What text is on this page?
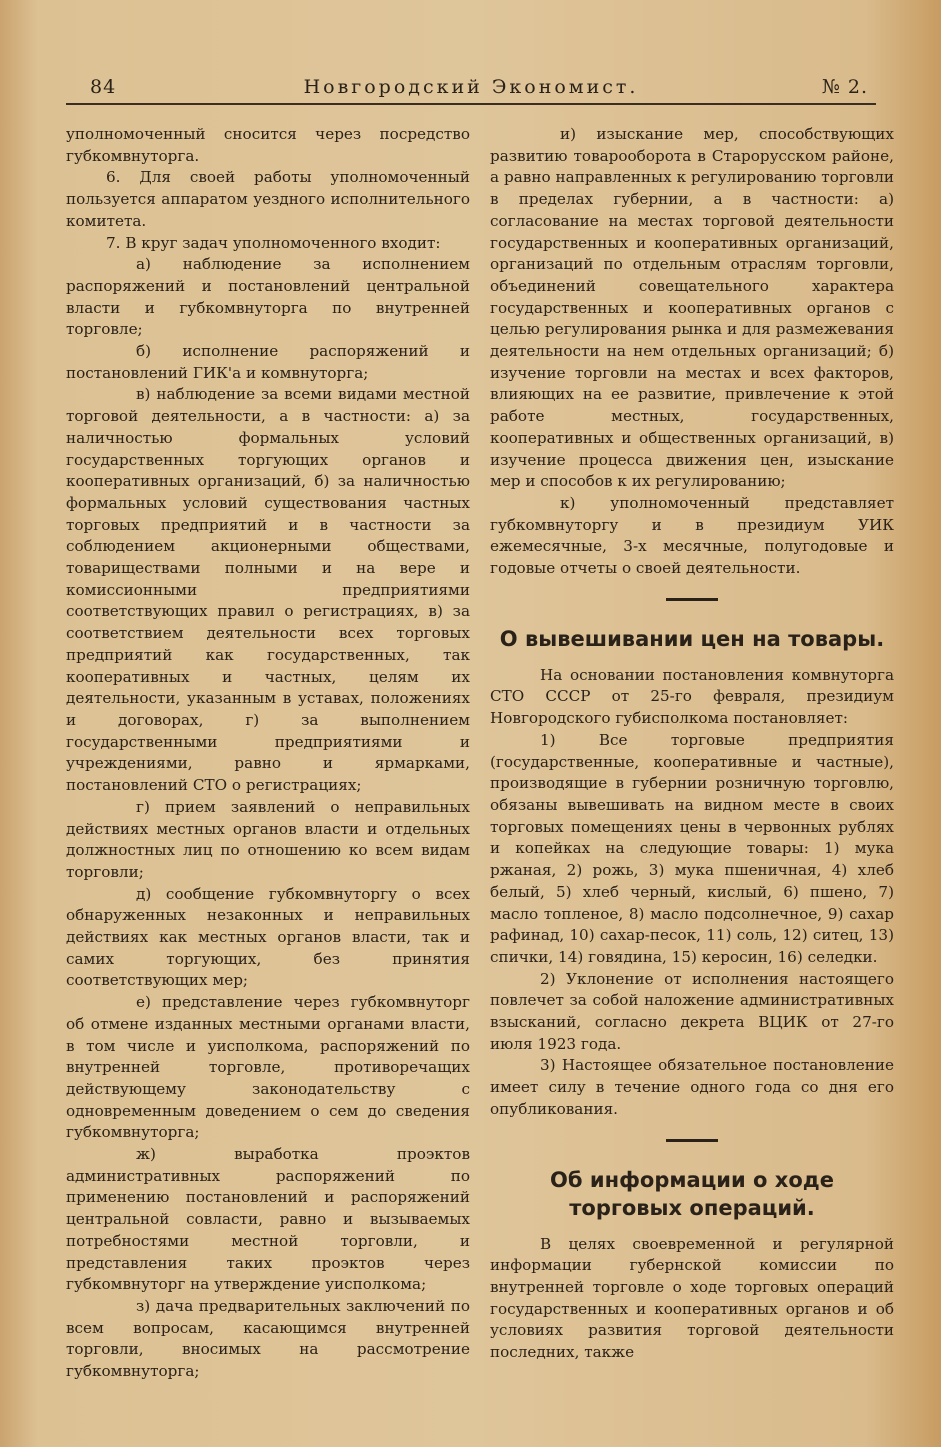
84	Новгородский Экономист.	№ 2.

уполномоченный сносится через посредство губкомвнуторга.

6. Для своей работы уполномоченный пользуется аппаратом уездного исполнительного комитета.

7. В круг задач уполномоченного входит:

а) наблюдение за исполнением распоряжений и постановлений центральной власти и губкомвнуторга по внутренней торговле;

б) исполнение распоряжений и постановлений ГИК'а и комвнуторга;

в) наблюдение за всеми видами местной торговой деятельности, а в частности: а) за наличностью формальных условий государственных торгующих органов и кооперативных организаций, б) за наличностью формальных условий существования частных торговых предприятий и в частности за соблюдением акционерными обществами, товариществами полными и на вере и комиссионными предприятиями соответствующих правил о регистрациях, в) за соответствием деятельности всех торговых предприятий как государственных, так кооперативных и частных, целям их деятельности, указанным в уставах, положениях и договорах, г) за выполнением государственными предприятиями и учреждениями, равно и ярмарками, постановлений СТО о регистрациях;

г) прием заявлений о неправильных действиях местных органов власти и отдельных должностных лиц по отношению ко всем видам торговли;

д) сообщение губкомвнуторгу о всех обнаруженных незаконных и неправильных действиях как местных органов власти, так и самих торгующих, без принятия соответствующих мер;

е) представление через губкомвнуторг об отмене изданных местными органами власти, в том числе и уисполкома, распоряжений по внутренней торговле, противоречащих действующему законодательству с одновременным доведением о сем до сведения губкомвнуторга;

ж) выработка проэктов административных распоряжений по применению постановлений и распоряжений центральной совласти, равно и вызываемых потребностями местной торговли, и представления таких проэктов через губкомвнуторг на утверждение уисполкома;

з) дача предварительных заключений по всем вопросам, касающимся внутренней торговли, вносимых на рассмотрение губкомвнуторга;

и) изыскание мер, способствующих развитию товарооборота в Старорусском районе, а равно направленных к регулированию торговли в пределах губернии, а в частности: а) согласование на местах торговой деятельности государственных и кооперативных организаций, организаций по отдельным отраслям торговли, объединений совещательного характера государственных и кооперативных органов с целью регулирования рынка и для размежевания деятельности на нем отдельных организаций; б) изучение торговли на местах и всех факторов, влияющих на ее развитие, привлечение к этой работе местных, государственных, кооперативных и общественных организаций, в) изучение процесса движения цен, изыскание мер и способов к их регулированию;

к) уполномоченный представляет губкомвнуторгу и в президиум УИК ежемесячные, 3-х месячные, полугодовые и годовые отчеты о своей деятельности.

О вывешивании цен на товары.

На основании постановления комвнуторга СТО СССР от 25-го февраля, президиум Новгородского губисполкома постановляет:

1) Все торговые предприятия (государственные, кооперативные и частные), производящие в губернии розничную торговлю, обязаны вывешивать на видном месте в своих торговых помещениях цены в червонных рублях и копейках на следующие товары: 1) мука ржаная, 2) рожь, 3) мука пшеничная, 4) хлеб белый, 5) хлеб черный, кислый, 6) пшено, 7) масло топленое, 8) масло подсолнечное, 9) сахар рафинад, 10) сахар-песок, 11) соль, 12) ситец, 13) спички, 14) говядина, 15) керосин, 16) селедки.

2) Уклонение от исполнения настоящего повлечет за собой наложение административных взысканий, согласно декрета ВЦИК от 27-го июля 1923 года.

3) Настоящее обязательное постановление имеет силу в течение одного года со дня его опубликования.

Об информации о ходе торговых операций.

В целях своевременной и регулярной информации губернской комиссии по внутренней торговле о ходе торговых операций государственных и кооперативных органов и об условиях развития торговой деятельности последних, также
